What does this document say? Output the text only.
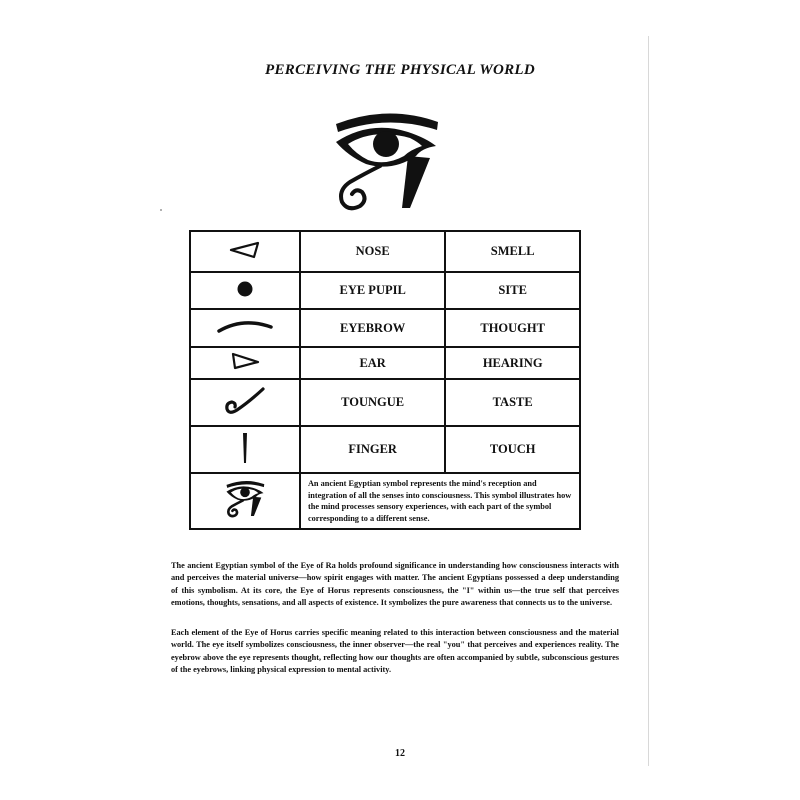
PERCEIVING THE PHYSICAL WORLD
	NOSE	SMELL
	EYE PUPIL	SITE
	EYEBROW	THOUGHT
	EAR	HEARING
	TOUNGUE	TASTE
	FINGER	TOUCH
	An ancient Egyptian symbol represents the mind's reception and integration of all the senses into consciousness. This symbol illustrates how the mind processes sensory experiences, with each part of the symbol corresponding to a different sense.	

The ancient Egyptian symbol of the Eye of Ra holds profound significance in understanding how consciousness interacts with and perceives the material universe—how spirit engages with matter. The ancient Egyptians possessed a deep understanding of this symbolism. At its core, the Eye of Horus represents consciousness, the "I" within us—the true self that perceives emotions, thoughts, sensations, and all aspects of existence. It symbolizes the pure awareness that connects us to the universe.

Each element of the Eye of Horus carries specific meaning related to this interaction between consciousness and the material world. The eye itself symbolizes consciousness, the inner observer—the real "you" that perceives and experiences reality. The eyebrow above the eye represents thought, reflecting how our thoughts are often accompanied by subtle, subconscious gestures of the eyebrows, linking physical expression to mental activity.

12
